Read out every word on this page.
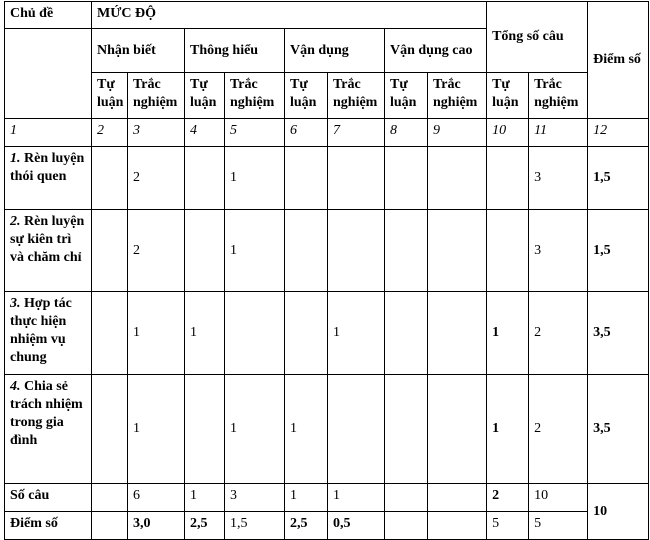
Chủ đề	MỨC ĐỘ								Tổng số câu		Điểm số
	Nhận biết		Thông hiểu		Vận dụng		Vận dụng cao				
	Tự luận	Trắc nghiệm	Tự luận	Trắc nghiệm	Tự luận	Trắc nghiệm	Tự luận	Trắc nghiệm	Tự luận	Trắc nghiệm	
1	2	3	4	5	6	7	8	9	10	11	12
1. Rèn luyện thói quen		2		1						3	1,5
2. Rèn luyện sự kiên trì và chăm chỉ		2		1						3	1,5
3. Hợp tác thực hiện nhiệm vụ chung		1	1			1			1	2	3,5
4. Chia sẻ trách nhiệm trong gia đình		1		1	1				1	2	3,5
Số câu		6	1	3	1	1			2	10	10
Điểm số		3,0	2,5	1,5	2,5	0,5			5	5	
